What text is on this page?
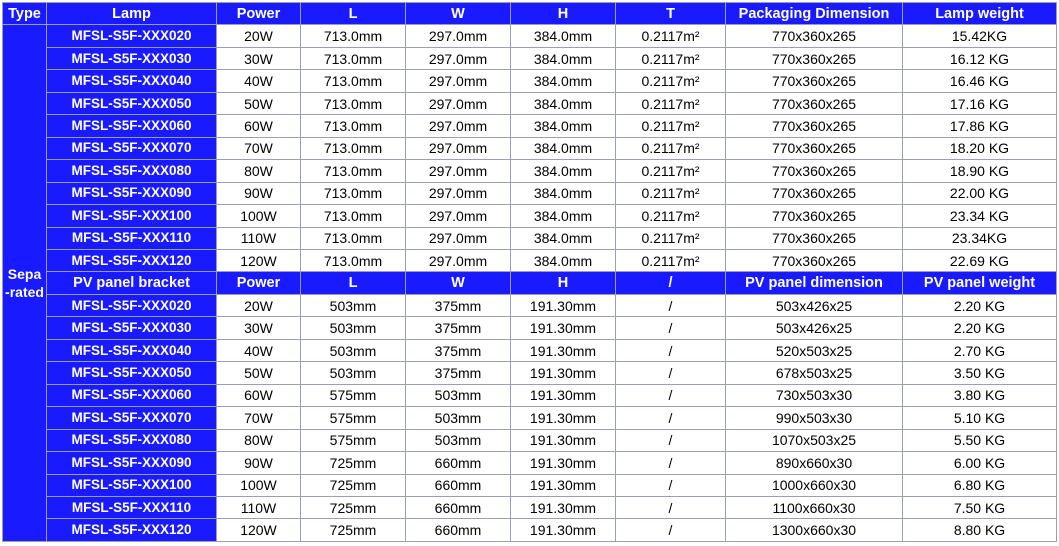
Type	Lamp	Power	L	W	H	T	Packaging Dimension	Lamp weight
Sepa
-rated	MFSL-S5F-XXX020	20W	713.0mm	297.0mm	384.0mm	0.2117m²	770x360x265	15.42KG
	MFSL-S5F-XXX030	30W	713.0mm	297.0mm	384.0mm	0.2117m²	770x360x265	16.12 KG
	MFSL-S5F-XXX040	40W	713.0mm	297.0mm	384.0mm	0.2117m²	770x360x265	16.46 KG
	MFSL-S5F-XXX050	50W	713.0mm	297.0mm	384.0mm	0.2117m²	770x360x265	17.16 KG
	MFSL-S5F-XXX060	60W	713.0mm	297.0mm	384.0mm	0.2117m²	770x360x265	17.86 KG
	MFSL-S5F-XXX070	70W	713.0mm	297.0mm	384.0mm	0.2117m²	770x360x265	18.20 KG
	MFSL-S5F-XXX080	80W	713.0mm	297.0mm	384.0mm	0.2117m²	770x360x265	18.90 KG
	MFSL-S5F-XXX090	90W	713.0mm	297.0mm	384.0mm	0.2117m²	770x360x265	22.00 KG
	MFSL-S5F-XXX100	100W	713.0mm	297.0mm	384.0mm	0.2117m²	770x360x265	23.34 KG
	MFSL-S5F-XXX110	110W	713.0mm	297.0mm	384.0mm	0.2117m²	770x360x265	23.34KG
	MFSL-S5F-XXX120	120W	713.0mm	297.0mm	384.0mm	0.2117m²	770x360x265	22.69 KG
	PV panel bracket	Power	L	W	H	/	PV panel dimension	PV panel weight
	MFSL-S5F-XXX020	20W	503mm	375mm	191.30mm	/	503x426x25	2.20 KG
	MFSL-S5F-XXX030	30W	503mm	375mm	191.30mm	/	503x426x25	2.20 KG
	MFSL-S5F-XXX040	40W	503mm	375mm	191.30mm	/	520x503x25	2.70 KG
	MFSL-S5F-XXX050	50W	503mm	375mm	191.30mm	/	678x503x25	3.50 KG
	MFSL-S5F-XXX060	60W	575mm	503mm	191.30mm	/	730x503x30	3.80 KG
	MFSL-S5F-XXX070	70W	575mm	503mm	191.30mm	/	990x503x30	5.10 KG
	MFSL-S5F-XXX080	80W	575mm	503mm	191.30mm	/	1070x503x25	5.50 KG
	MFSL-S5F-XXX090	90W	725mm	660mm	191.30mm	/	890x660x30	6.00 KG
	MFSL-S5F-XXX100	100W	725mm	660mm	191.30mm	/	1000x660x30	6.80 KG
	MFSL-S5F-XXX110	110W	725mm	660mm	191.30mm	/	1100x660x30	7.50 KG
	MFSL-S5F-XXX120	120W	725mm	660mm	191.30mm	/	1300x660x30	8.80 KG
